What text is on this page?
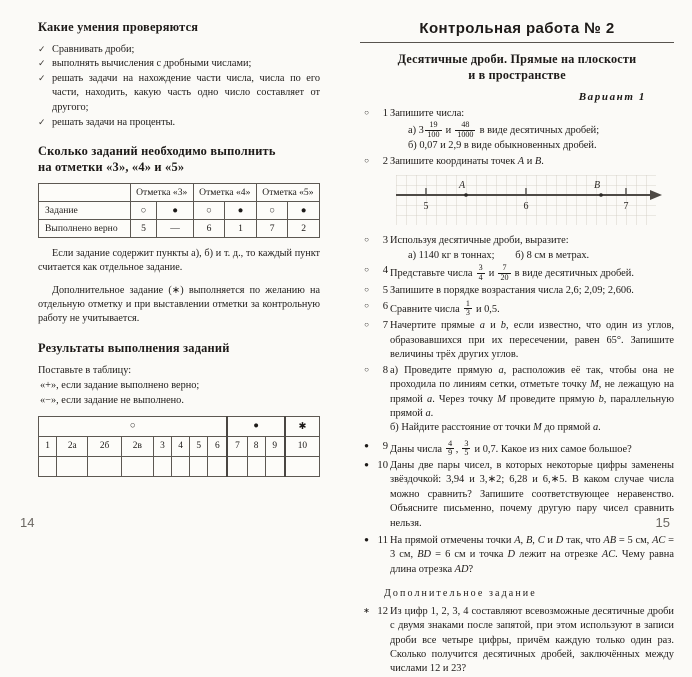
Какие умения проверяются
✓ Сравнивать дроби;
✓ выполнять вычисления с дробными числами;
✓ решать задачи на нахождение части числа, числа по его части, находить, какую часть одно число составляет от другого;
✓ решать задачи на проценты.
Сколько заданий необходимо выполнить
на отметки «3», «4» и «5»
	Отметка «3»		Отметка «4»		Отметка «5»	
Задание	○	●	○	●	○	●
Выполнено верно	5	—	6	1	7	2

Если задание содержит пункты а), б) и т. д., то каждый пункт считается как отдельное задание.

Дополнительное задание (∗) выполняется по желанию на отдельную отметку и при выставлении отметки за контрольную работу не учитывается.

Результаты выполнения заданий

Поставьте в таблицу:

«+», если задание выполнено верно;

«−», если задание не выполнено.

○								●			✱
1	2а	2б	2в	3	4	5	6	7	8	9	10

Контрольная работа № 2
Десятичные дроби. Прямые на плоскости
и в пространстве
Вариант 1
○	1 Запишите числа:
а) $3 \frac{19}{100}$ и $\frac{48}{1000}$ в виде десятичных дробей;
б) 0,07 и 2,9 в виде обыкновенных дробей.
○	2 Запишите координаты точек A и B.
5	6	7
A	B
○	3 Используя десятичные дроби, выразите:
а) 1140 кг в тоннах;        б) 8 см в метрах.
○	4 Представьте числа $\frac{3}{4}$ и $\frac{7}{20}$ в виде десятичных дробей.
○	5 Запишите в порядке возрастания числа 2,6; 2,09; 2,606.
○	6 Сравните числа $\frac{1}{3}$ и 0,5.
○	7 Начертите прямые a и b, если известно, что один из углов, образовавшихся при их пересечении, равен 65°. Запишите величины трёх других углов.
○	8 а) Проведите прямую a, расположив её так, чтобы она не проходила по линиям сетки, отметьте точку M, не лежащую на прямой a. Через точку M проведите прямую b, параллельную прямой a.
б) Найдите расстояние от точки M до прямой a.
●	9 Даны числа $\frac{4}{9}$ , $\frac{3}{5}$ и 0,7. Какое из них самое большое?
● 10 Даны две пары чисел, в которых некоторые цифры заменены звёздочкой: 3,94 и 3,∗2; 6,28 и 6,∗5. В каком случае числа можно сравнить? Запишите соответствующее неравенство. Объясните письменно, почему другую пару чисел сравнить нельзя.
● 11 На прямой отмечены точки A, B, C и D так, что AB = 5 см, AC = 3 см, BD = 6 см и точка D лежит на отрезке AC. Чему равна длина отрезка AD?
Дополнительное задание
∗ 12 Из цифр 1, 2, 3, 4 составляют всевозможные десятичные дроби с двумя знаками после запятой, при этом используют в записи дроби все четыре цифры, причём каждую только один раз. Сколько получится десятичных дробей, заключённых между числами 12 и 23?
14	15
